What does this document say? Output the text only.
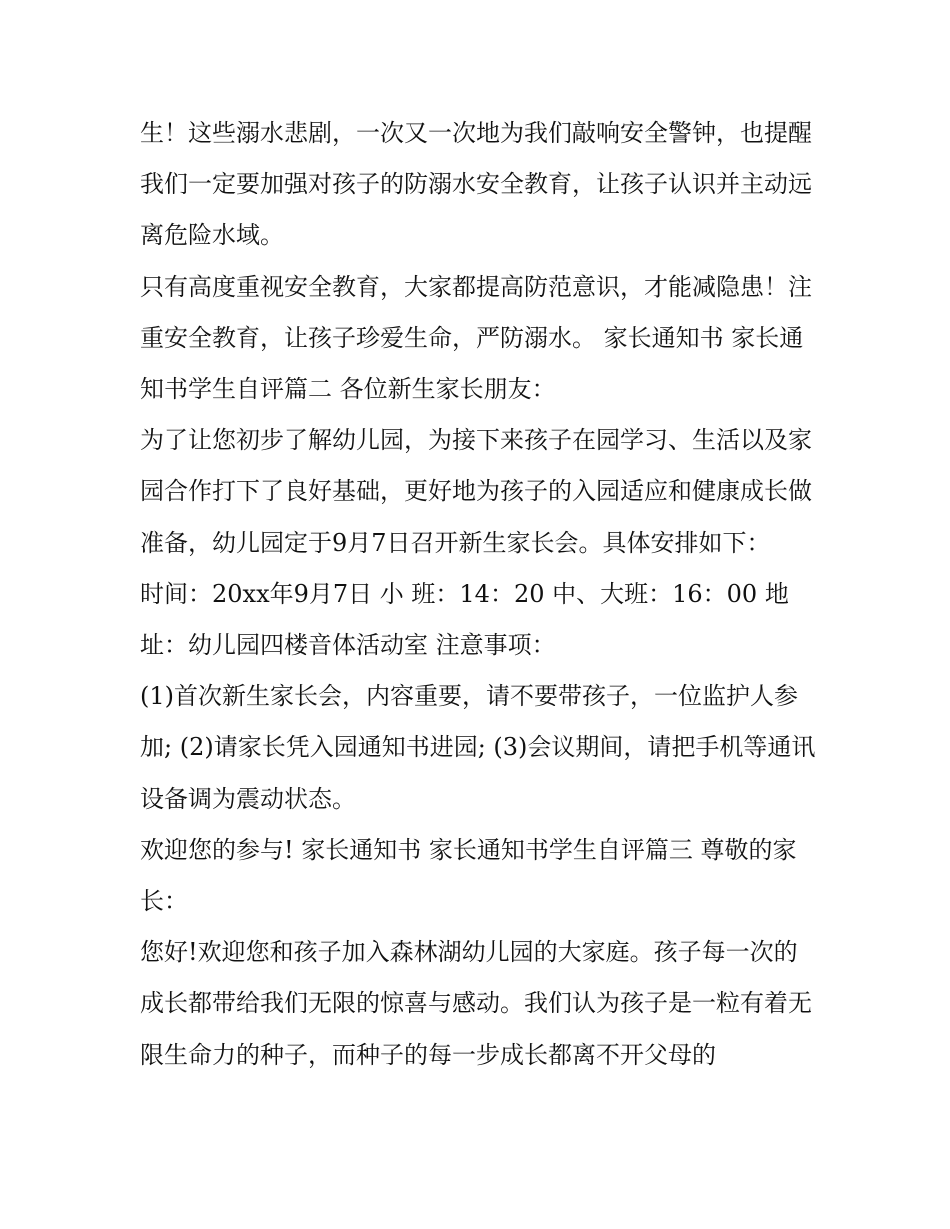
生！这些溺水悲剧，一次又一次地为我们敲响安全警钟，也提醒我们一定要加强对孩子的防溺水安全教育，让孩子认识并主动远离危险水域。

只有高度重视安全教育，大家都提高防范意识，才能减隐患！注重安全教育，让孩子珍爱生命，严防溺水。 家长通知书 家长通知书学生自评篇二 各位新生家长朋友：

为了让您初步了解幼儿园，为接下来孩子在园学习、生活以及家园合作打下了良好基础，更好地为孩子的入园适应和健康成长做准备，幼儿园定于9月7日召开新生家长会。具体安排如下：

时间：20xx年9月7日 小 班：14：20 中、大班：16：00 地址：幼儿园四楼音体活动室 注意事项：

(1)首次新生家长会，内容重要，请不要带孩子，一位监护人参加; (2)请家长凭入园通知书进园; (3)会议期间，请把手机等通讯设备调为震动状态。

欢迎您的参与! 家长通知书 家长通知书学生自评篇三 尊敬的家长：

您好!欢迎您和孩子加入森林湖幼儿园的大家庭。孩子每一次的成长都带给我们无限的惊喜与感动。我们认为孩子是一粒有着无限生命力的种子，而种子的每一步成长都离不开父母的
